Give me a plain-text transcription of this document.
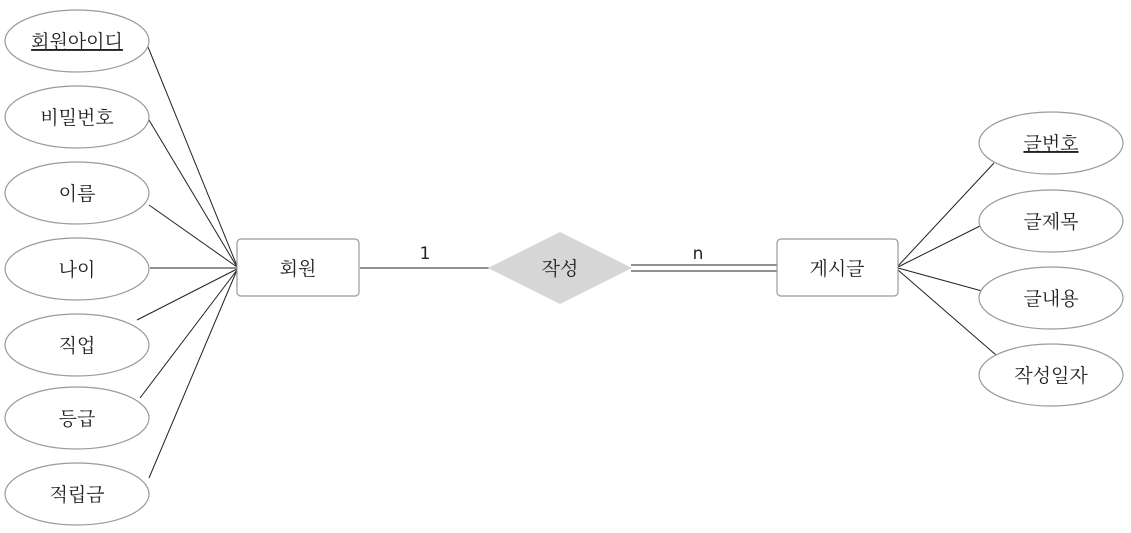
1	n
회원아이디
비밀번호
이름
나이
직업
등급
적립금
글번호
글제목
글내용
작성일자
회원	게시글
작성
